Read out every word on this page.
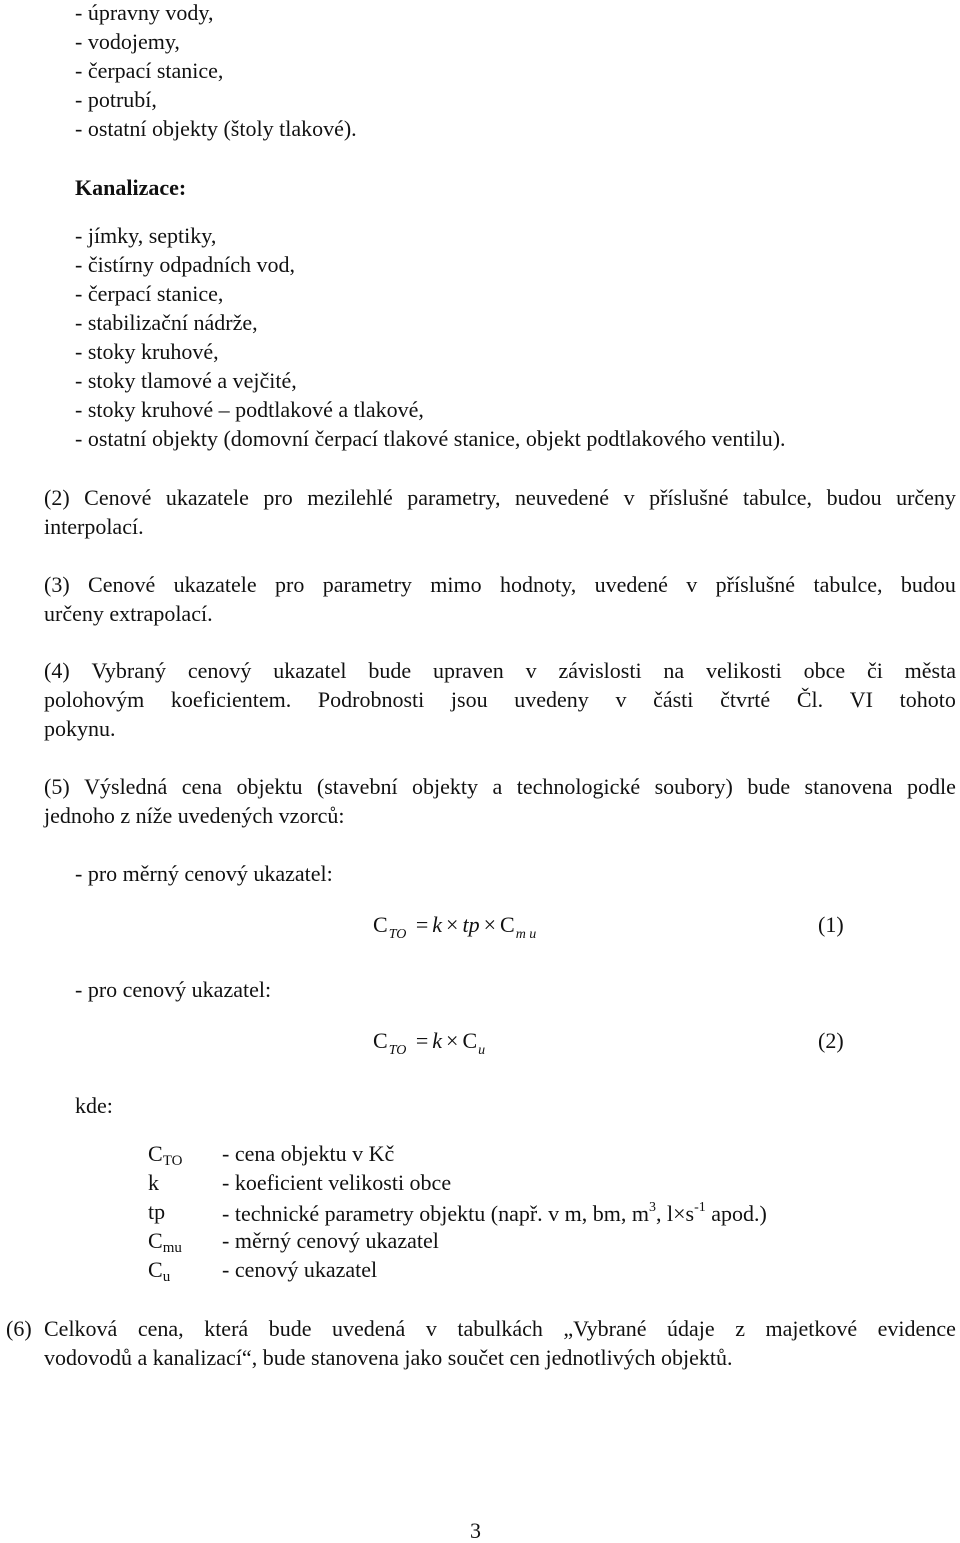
- úpravny vody,
- vodojemy,
- čerpací stanice,
- potrubí,
- ostatní objekty (štoly tlakové).
Kanalizace:
- jímky, septiky,
- čistírny odpadních vod,
- čerpací stanice,
- stabilizační nádrže,
- stoky kruhové,
- stoky tlamové a vejčité,
- stoky kruhové – podtlakové a tlakové,
- ostatní objekty (domovní čerpací tlakové stanice, objekt podtlakového ventilu).
(2) Cenové ukazatele pro mezilehlé parametry, neuvedené v příslušné tabulce, budou určeny
interpolací.
(3) Cenové ukazatele pro parametry mimo hodnoty, uvedené v příslušné tabulce, budou
určeny extrapolací.
(4) Vybraný cenový ukazatel bude upraven v závislosti na velikosti obce či města
polohovým koeficientem. Podrobnosti jsou uvedeny v části čtvrté Čl. VI tohoto
pokynu.
(5) Výsledná cena objektu (stavební objekty a technologické soubory) bude stanovena podle
jednoho z níže uvedených vzorců:
- pro měrný cenový ukazatel:
$C_{TO} = k$ × tp × $C_{m u}$	(1)
- pro cenový ukazatel:
$C_{TO} = k \times C_u$	(2)
kde:
$C_{TO}$ - cena objektu v Kč
k	- koeficient velikosti obce
tp	- technické parametry objektu (např. v m, bm, $m^3$, $l\times s^{-1}$ apod.)
$C_{mu}$ - měrný cenový ukazatel
$C_u$ - cenový ukazatel
(6) Celková cena, která bude uvedená v tabulkách „Vybrané údaje z majetkové evidence
vodovodů a kanalizací“, bude stanovena jako součet cen jednotlivých objektů.
3
